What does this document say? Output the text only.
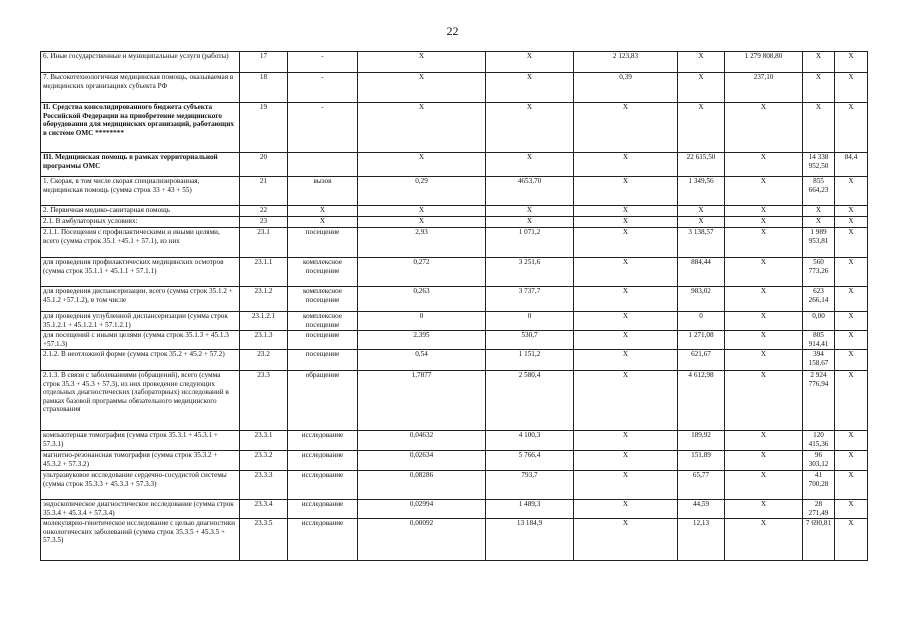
22
6. Иные государственные и муниципальные услуги (работы)	17	-	X	X	2 123,83	X	1 279 808,80	X	X
7. Высокотехнологичная медицинская помощь, оказываемая в медицинских организациях субъекта РФ	18	-	X	X	0,39	X	237,10	X	X
II. Средства консолидированного бюджета субъекта Российской Федерации на приобретение медицинского оборудования для медицинских организаций, работающих в системе ОМС ********	19	-	X	X	X	X	X	X	X
III. Медицинская помощь в рамках территориальной программы ОМС	20		X	X	X	22 615,50	X	14 338 952,50	84,4
1. Скорая, в том числе скорая специализированная, медицинская помощь (сумма строк 33 + 43 + 55)	21	вызов	0,29	4653,70	X	1 349,56	X	855 664,23	X
2. Первичная медико-санитарная помощь	22	X	X	X	X	X	X	X	X
2.1. В амбулаторных условиях:	23	X	X	X	X	X	X	X	X
2.1.1. Посещения с профилактическими и иными целями, всего (сумма строк 35.1 +45.1 + 57.1), из них	23.1	посещение	2,93	1 071,2	X	3 138,57	X	1 989 953,81	X
для проведения профилактических медицинских осмотров (сумма строк 35.1.1 + 45.1.1 + 57.1.1)	23.1.1	комплексное посещение	0,272	3 251,6	X	884,44	X	560 773,26	X
для проведения диспансеризации, всего (сумма строк 35.1.2 + 45.1.2 +57.1.2), в том числе	23.1.2	комплексное посещение	0,263	3 737,7	X	983,02	X	623 266,14	X
для проведения углубленной диспансеризации (сумма строк 35.1.2.1 + 45.1.2.1 + 57.1.2.1)	23.1.2.1	комплексное посещение	0	0	X	0	X	0,00	X
для посещений с иными целями (сумма строк 35.1.3 + 45.1.3 +57.1.3)	23.1.3	посещение	2,395	530,7	X	1 271,08	X	805 914,41	X
2.1.2. В неотложной форме (сумма строк 35.2 + 45.2 + 57.2)	23.2	посещение	0,54	1 151,2	X	621,67	X	394 158,67	X
2.1.3. В связи с заболеваниями (обращений), всего (сумма строк 35.3 + 45.3 + 57.3), из них проведение следующих отдельных диагностических (лабораторных) исследований в рамках базовой программы обязательного медицинского страхования	23.3	обращение	1,7877	2 580,4	X	4 612,98	X	2 924 776,94	X
компьютерная томография (сумма строк 35.3.1 + 45.3.1 + 57.3.1)	23.3.1	исследование	0,04632	4 100,3	X	189,92	X	120 415,36	X
магнитно-резонансная томография (сумма строк 35.3.2 + 45.3.2 + 57.3.2)	23.3.2	исследование	0,02634	5 766,4	X	151,89	X	96 303,12	X
ультразвуковое исследование сердечно-сосудистой системы (сумма строк 35.3.3 + 45.3.3 + 57.3.3)	23.3.3	исследование	0,08286	793,7	X	65,77	X	41 700,28	X
эндоскопическое диагностическое исследование (сумма строк 35.3.4 + 45.3.4 + 57.3.4)	23.3.4	исследование	0,02994	1 489,3	X	44,59	X	28 271,49	X
молекулярно-генетическое исследование с целью диагностики онкологических заболеваний (сумма строк 35.3.5 + 45.3.5 + 57.3.5)	23.3.5	исследование	0,00092	13 184,9	X	12,13	X	7 690,81	X
